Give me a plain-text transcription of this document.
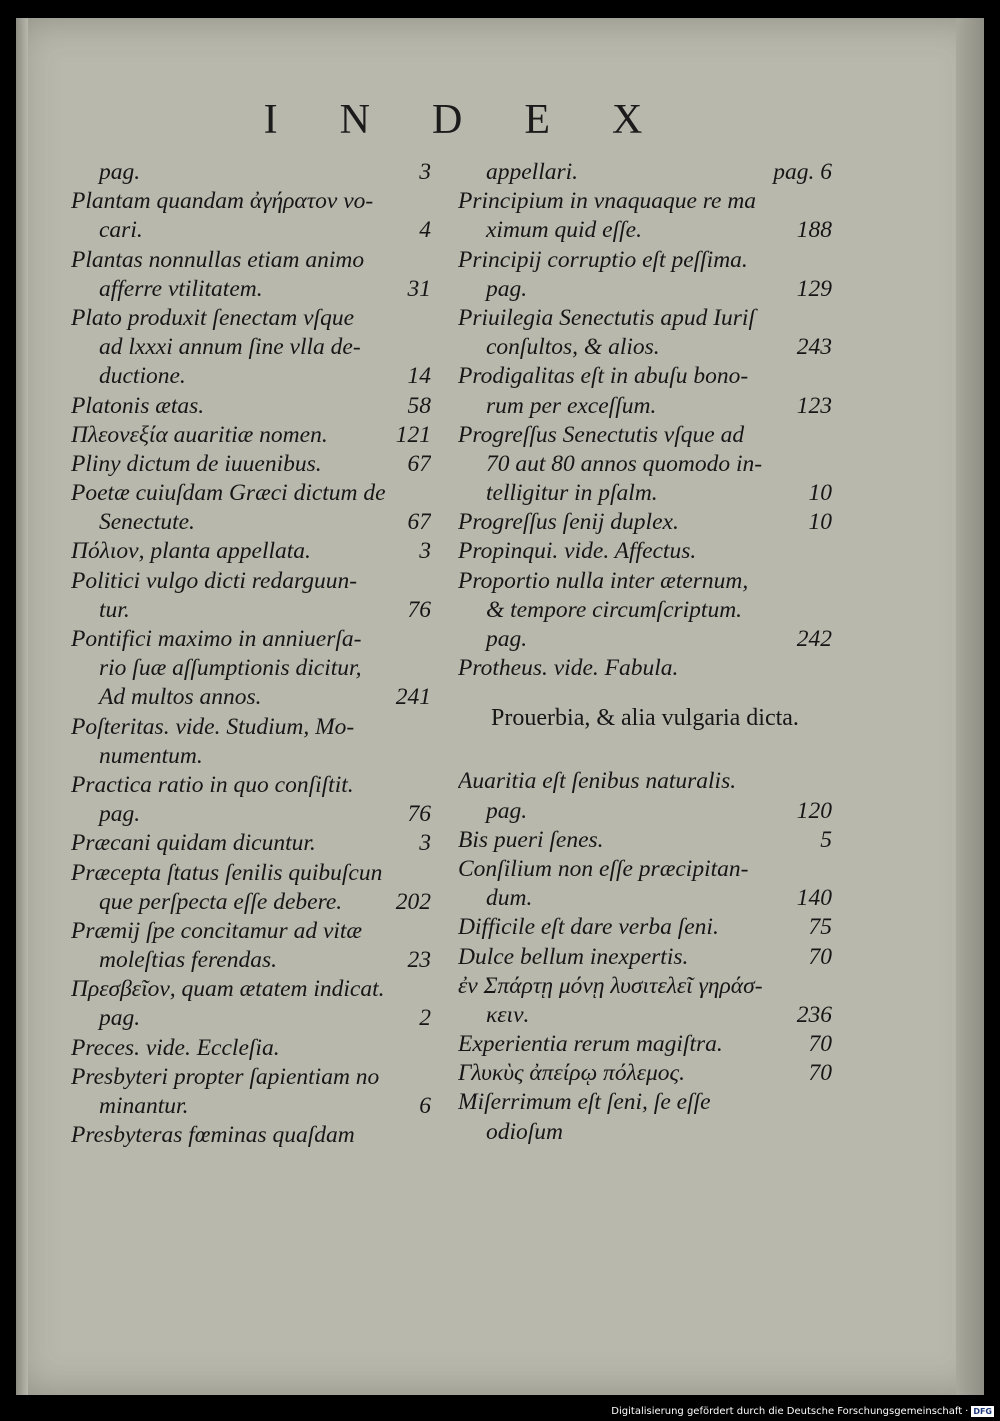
INDEX
pag.	3
Plantam quandam ἀγήρατον vo-
cari.	4
Plantas nonnullas etiam animo
afferre vtilitatem.	31
Plato produxit ſenectam vſque
ad lxxxi annum ſine vlla de-
ductione.	14
Platonis ætas.	58
Πλεονεξία auaritiæ nomen.	121
Pliny dictum de iuuenibus.	67
Poetæ cuiuſdam Græci dictum de
Senectute.	67
Πόλιον, planta appellata.	3
Politici vulgo dicti redarguun-
tur.	76
Pontifici maximo in anniuerſa-
rio ſuæ aſſumptionis dicitur,
Ad multos annos.	241
Poſteritas. vide. Studium, Mo-
numentum.
Practica ratio in quo conſiſtit.
pag.	76
Præcani quidam dicuntur.	3
Præcepta ſtatus ſenilis quibuſcun
que perſpecta eſſe debere.	202
Præmij ſpe concitamur ad vitæ
moleſtias ferendas.	23
Πρεσβεῖον, quam ætatem indicat.
pag.	2
Preces. vide. Eccleſia.
Presbyteri propter ſapientiam no
minantur.	6
Presbyteras fœminas quaſdam
appellari.	pag. 6
Principium in vnaquaque re ma
ximum quid eſſe.	188
Principij corruptio eſt peſſima.
pag.	129
Priuilegia Senectutis apud Iuriſ
conſultos, & alios.	243
Prodigalitas eſt in abuſu bono-
rum per exceſſum.	123
Progreſſus Senectutis vſque ad
70 aut 80 annos quomodo in-
telligitur in pſalm.	10
Progreſſus ſenij duplex.	10
Propinqui. vide. Affectus.
Proportio nulla inter æternum,
& tempore circumſcriptum.
pag.	242
Protheus. vide. Fabula.
Prouerbia, & alia vulgaria dicta.
Auaritia eſt ſenibus naturalis.
pag.	120
Bis pueri ſenes.	5
Conſilium non eſſe præcipitan-
dum.	140
Difficile eſt dare verba ſeni.	75
Dulce bellum inexpertis.	70
ἐν Σπάρτῃ μόνῃ λυσιτελεῖ γηράσ-
κειν.	236
Experientia rerum magiſtra.	70
Γλυκὺς ἀπείρῳ πόλεμος.	70
Miſerrimum eſt ſeni, ſe eſſe
odioſum
Digitalisierung gefördert durch die Deutsche Forschungsgemeinschaft · DFG
